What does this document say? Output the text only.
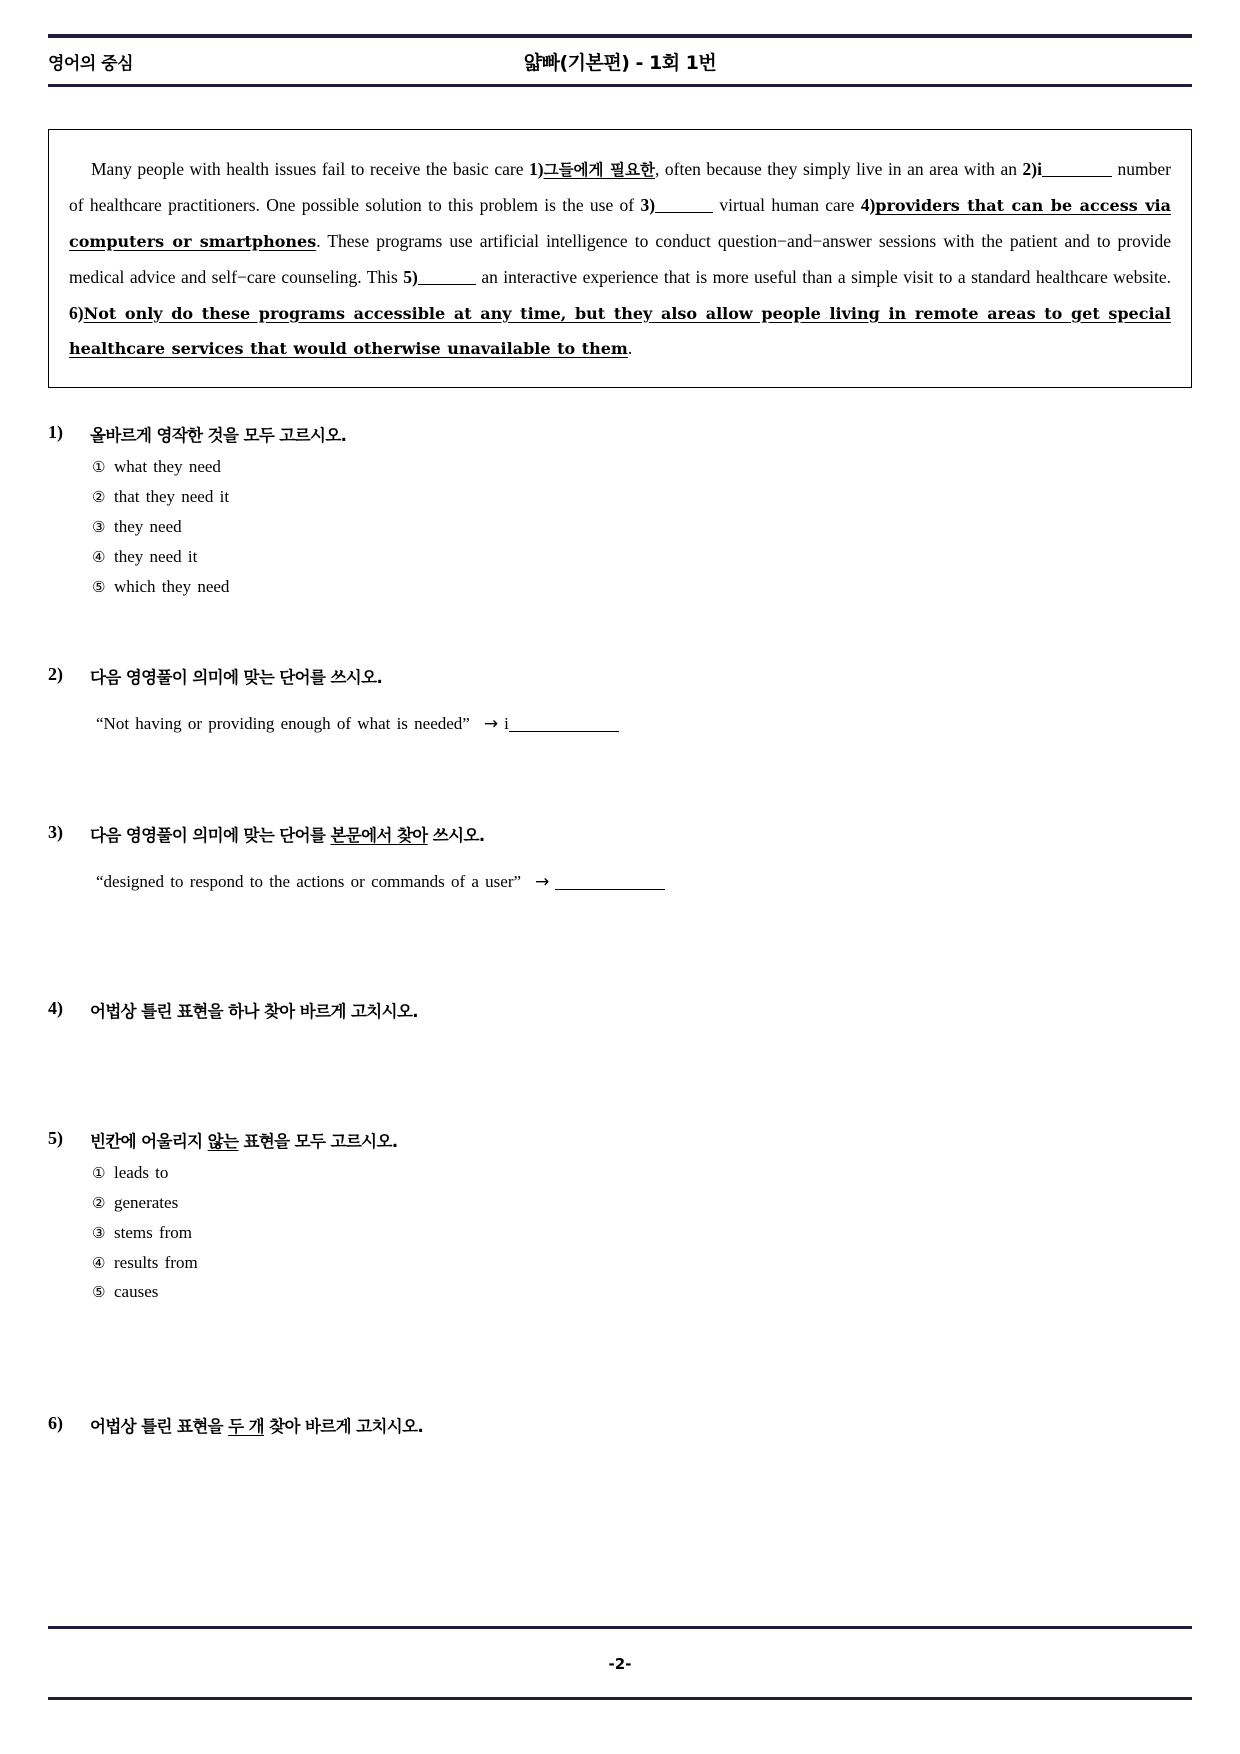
영어의 중심	얇빠(기본편) - 1회 1번
Many people with health issues fail to receive the basic care 1)그들에게 필요한, often because they simply live in an area with an 2)i	number of healthcare practitioners. One possible solution to this problem is the use of 3)	virtual human care 4)providers that can be access via computers or smartphones. These programs use artificial intelligence to conduct question−and−answer sessions with the patient and to provide medical advice and self−care counseling. This 5)	an interactive experience that is more useful than a simple visit to a standard healthcare website. 6)Not only do these programs accessible at any time, but they also allow people living in remote areas to get special healthcare services that would otherwise unavailable to them.
1)	올바르게 영작한 것을 모두 고르시오.
① what they need
② that they need it
③ they need
④ they need it
⑤ which they need
2)	다음 영영풀이 의미에 맞는 단어를 쓰시오.
“Not having or providing enough of what is needed” → i
3)	다음 영영풀이 의미에 맞는 단어를 본문에서 찾아 쓰시오.
“designed to respond to the actions or commands of a user” →
4)	어법상 틀린 표현을 하나 찾아 바르게 고치시오.
5)	빈칸에 어울리지 않는 표현을 모두 고르시오.
① leads to
② generates
③ stems from
④ results from
⑤ causes
6)	어법상 틀린 표현을 두 개 찾아 바르게 고치시오.
-2-
